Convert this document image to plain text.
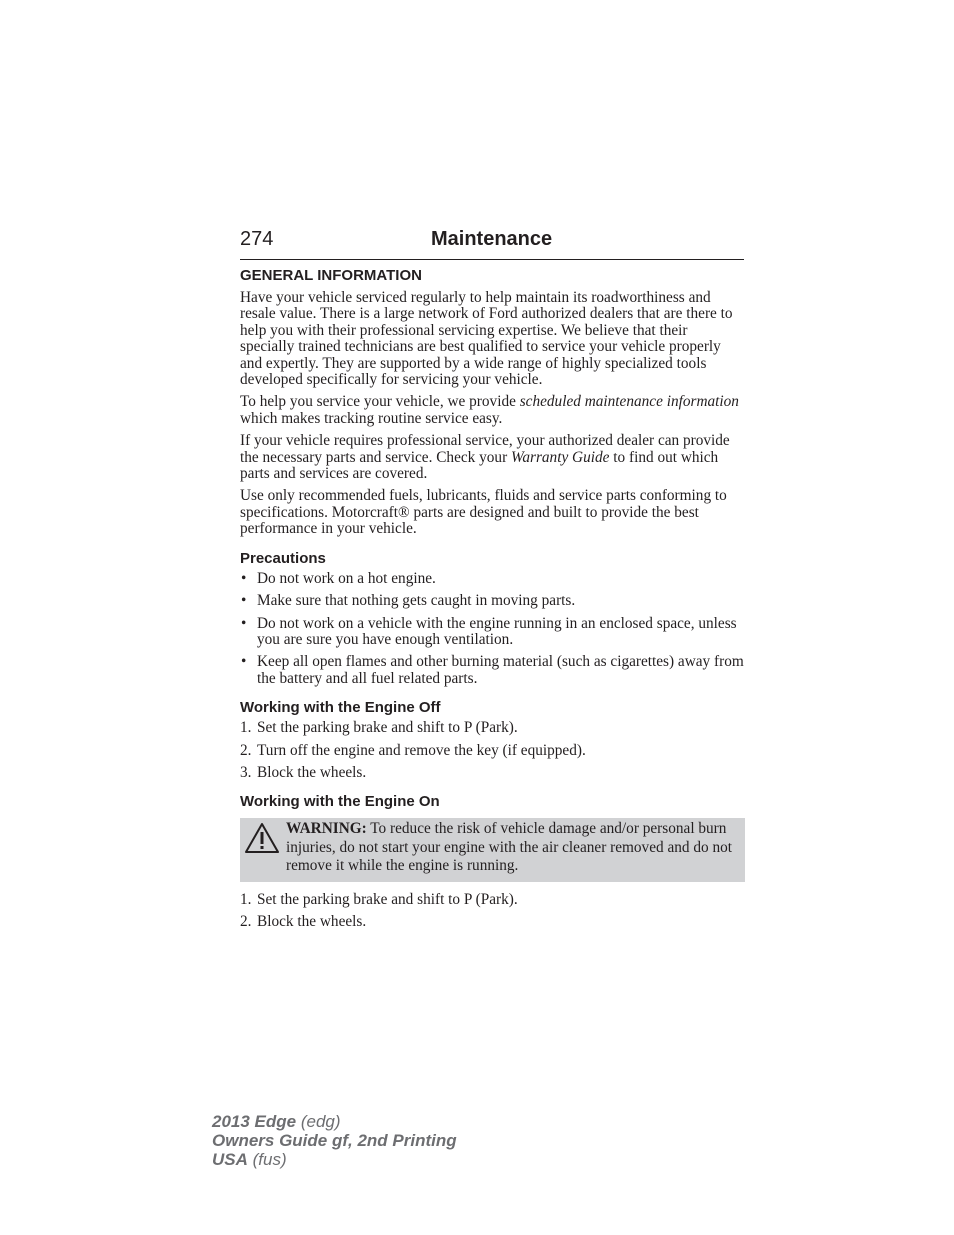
274	Maintenance
GENERAL INFORMATION

Have your vehicle serviced regularly to help maintain its roadworthiness and resale value. There is a large network of Ford authorized dealers that are there to help you with their professional servicing expertise. We believe that their specially trained technicians are best qualified to service your vehicle properly and expertly. They are supported by a wide range of highly specialized tools developed specifically for servicing your vehicle.

To help you service your vehicle, we provide scheduled maintenance information which makes tracking routine service easy.

If your vehicle requires professional service, your authorized dealer can provide the necessary parts and service. Check your Warranty Guide to find out which parts and services are covered.

Use only recommended fuels, lubricants, fluids and service parts conforming to specifications. Motorcraft® parts are designed and built to provide the best performance in your vehicle.

Precautions
• Do not work on a hot engine.
• Make sure that nothing gets caught in moving parts.
• Do not work on a vehicle with the engine running in an enclosed space, unless you are sure you have enough ventilation.
• Keep all open flames and other burning material (such as cigarettes) away from the battery and all fuel related parts.
Working with the Engine Off
1. Set the parking brake and shift to P (Park).
2. Turn off the engine and remove the key (if equipped).
3. Block the wheels.
Working with the Engine On
WARNING: To reduce the risk of vehicle damage and/or personal burn injuries, do not start your engine with the air cleaner removed and do not remove it while the engine is running.
1. Set the parking brake and shift to P (Park).
2. Block the wheels.
2013 Edge (edg)
Owners Guide gf, 2nd Printing
USA (fus)
